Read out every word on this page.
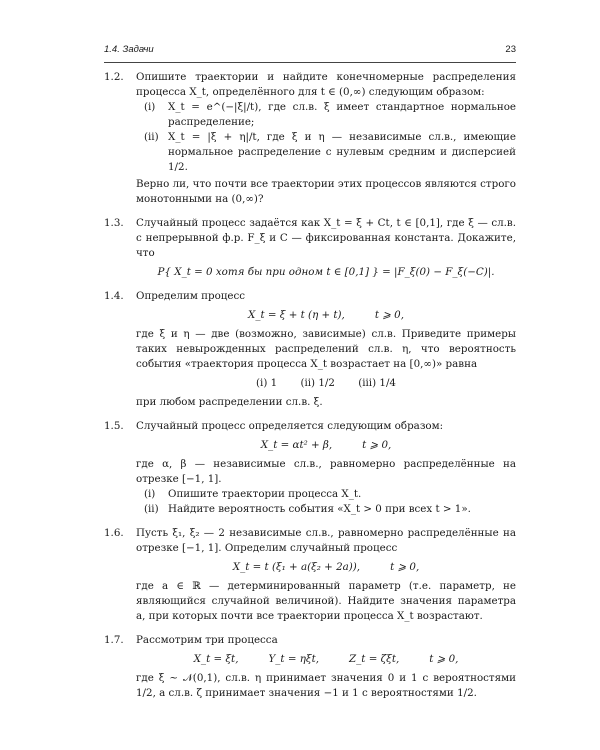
1.4. Задачи	23
1.2. Опишите траектории и найдите конечномерные распределения процесса X_t, определённого для t ∈ (0,∞) следующим образом:

(i) X_t = e^(−|ξ|/t), где сл.в. ξ имеет стандартное нормальное распределение;

(ii) X_t = |ξ + η|/t, где ξ и η — независимые сл.в., имеющие нормальное распределение с нулевым средним и дисперсией 1/2.

Верно ли, что почти все траектории этих процессов являются строго монотонными на (0,∞)?

1.3. Случайный процесс задаётся как X_t = ξ + Ct, t ∈ [0,1], где ξ — сл.в. с непрерывной ф.р. F_ξ и C — фиксированная константа. Докажите, что

P{ X_t = 0 хотя бы при одном t ∈ [0,1] } = |F_ξ(0) − F_ξ(−C)|.
1.4. Определим процесс

X_t = ξ + t (η + t),	t ⩾ 0,

где ξ и η — две (возможно, зависимые) сл.в. Приведите примеры таких невырожденных распределений сл.в. η, что вероятность события «траектория процесса X_t возрастает на [0,∞)» равна

(i) 1 (ii) 1/2 (iii) 1/4

при любом распределении сл.в. ξ.

1.5. Случайный процесс определяется следующим образом:

X_t = αt² + β,	t ⩾ 0,

где α, β — независимые сл.в., равномерно распределённые на отрезке [−1, 1].

(i) Опишите траектории процесса X_t.

(ii) Найдите вероятность события «X_t > 0 при всех t > 1».

1.6. Пусть ξ₁, ξ₂ — 2 независимые сл.в., равномерно распределённые на отрезке [−1, 1]. Определим случайный процесс

X_t = t (ξ₁ + a(ξ₂ + 2a)),	t ⩾ 0,

где a ∈ ℝ — детерминированный параметр (т.е. параметр, не являющийся случайной величиной). Найдите значения параметра a, при которых почти все траектории процесса X_t возрастают.

1.7. Рассмотрим три процесса

X_t = ξt,	Y_t = ηξt,	Z_t = ζξt,	t ⩾ 0,

где ξ ∼ 𝒩(0,1), сл.в. η принимает значения 0 и 1 с вероятностями 1/2, а сл.в. ζ принимает значения −1 и 1 с вероятностями 1/2.
